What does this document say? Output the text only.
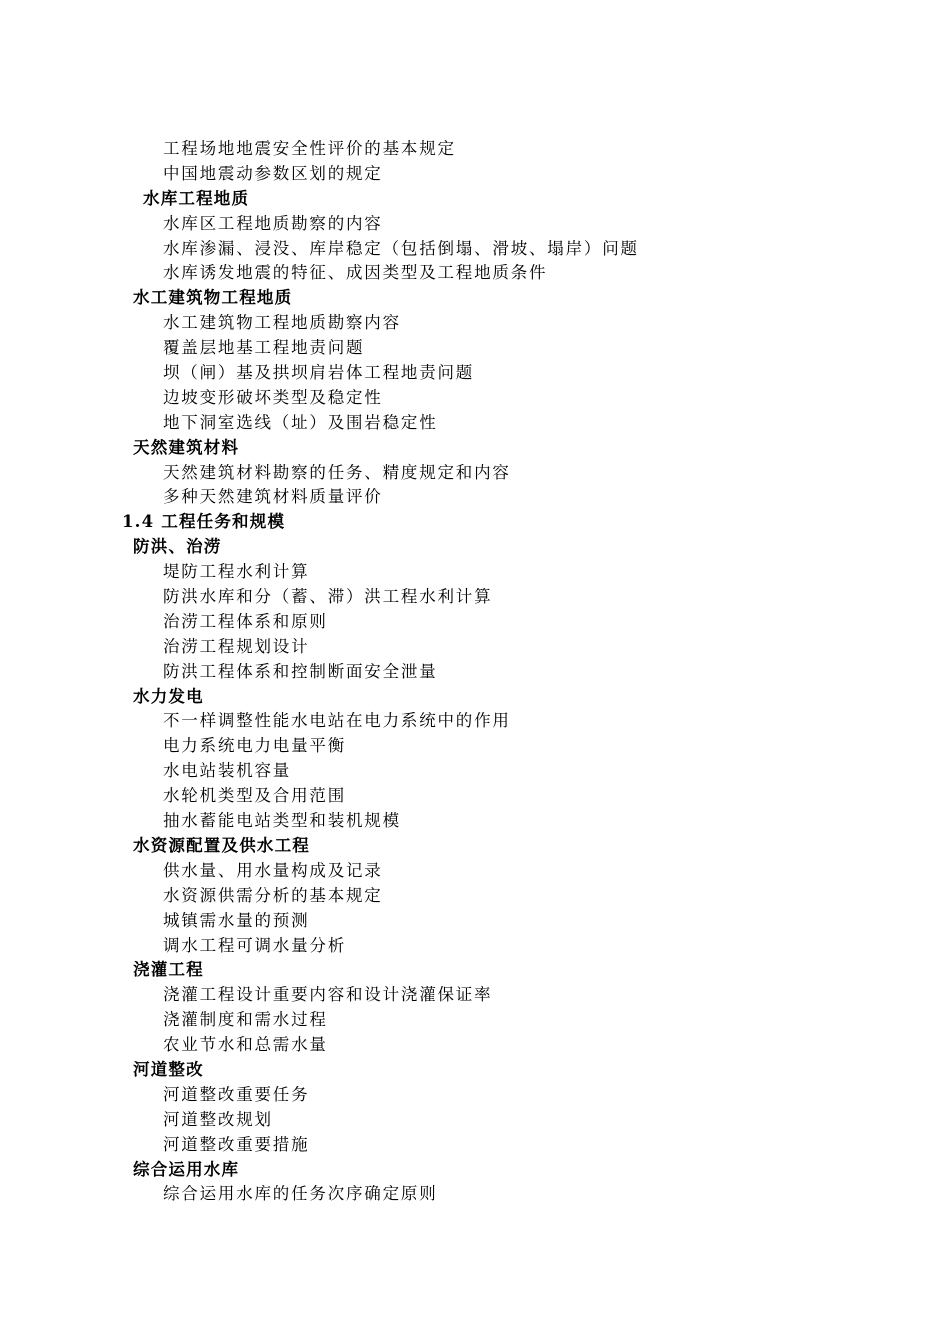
工程场地地震安全性评价的基本规定
中国地震动参数区划的规定
水库工程地质
水库区工程地质勘察的内容
水库渗漏、浸没、库岸稳定（包括倒塌、滑坡、塌岸）问题
水库诱发地震的特征、成因类型及工程地质条件
水工建筑物工程地质
水工建筑物工程地质勘察内容
覆盖层地基工程地责问题
坝（闸）基及拱坝肩岩体工程地责问题
边坡变形破坏类型及稳定性
地下洞室选线（址）及围岩稳定性
天然建筑材料
天然建筑材料勘察的任务、精度规定和内容
多种天然建筑材料质量评价
1.4 工程任务和规模
防洪、治涝
堤防工程水利计算
防洪水库和分（蓄、滞）洪工程水利计算
治涝工程体系和原则
治涝工程规划设计
防洪工程体系和控制断面安全泄量
水力发电
不一样调整性能水电站在电力系统中的作用
电力系统电力电量平衡
水电站装机容量
水轮机类型及合用范围
抽水蓄能电站类型和装机规模
水资源配置及供水工程
供水量、用水量构成及记录
水资源供需分析的基本规定
城镇需水量的预测
调水工程可调水量分析
浇灌工程
浇灌工程设计重要内容和设计浇灌保证率
浇灌制度和需水过程
农业节水和总需水量
河道整改
河道整改重要任务
河道整改规划
河道整改重要措施
综合运用水库
综合运用水库的任务次序确定原则
